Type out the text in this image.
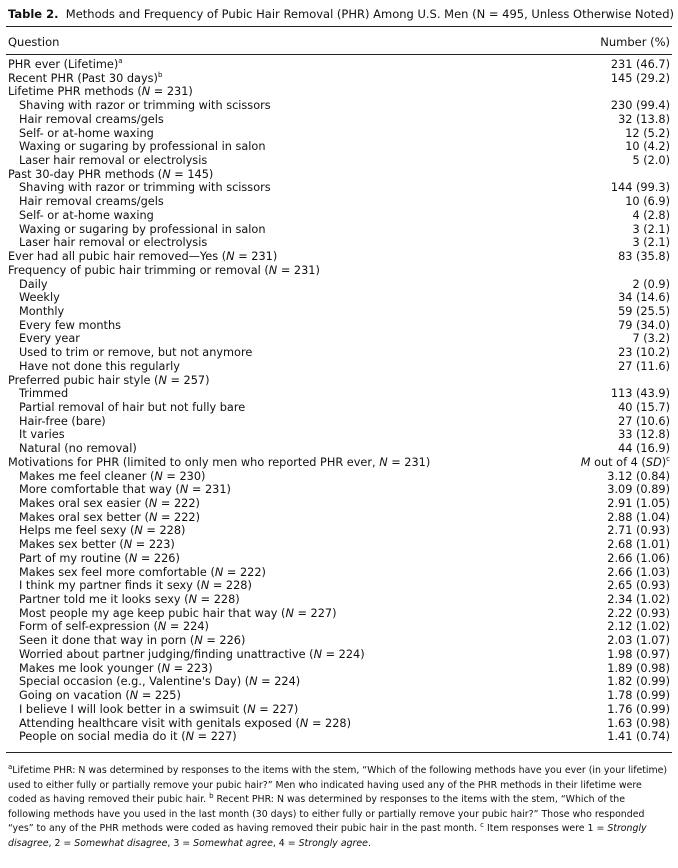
Table 2. Methods and Frequency of Pubic Hair Removal (PHR) Among U.S. Men (N = 495, Unless Otherwise Noted)
Question	Number (%)
PHR ever (Lifetime)$^a$	231 (46.7)
Recent PHR (Past 30 days)$^b$	145 (29.2)
Lifetime PHR methods (N = 231)
Shaving with razor or trimming with scissors	230 (99.4)
Hair removal creams/gels	32 (13.8)
Self- or at-home waxing	12 (5.2)
Waxing or sugaring by professional in salon	10 (4.2)
Laser hair removal or electrolysis	5 (2.0)
Past 30-day PHR methods (N = 145)
Shaving with razor or trimming with scissors	144 (99.3)
Hair removal creams/gels	10 (6.9)
Self- or at-home waxing	4 (2.8)
Waxing or sugaring by professional in salon	3 (2.1)
Laser hair removal or electrolysis	3 (2.1)
Ever had all pubic hair removed—Yes (N = 231)	83 (35.8)
Frequency of pubic hair trimming or removal (N = 231)
Daily	2 (0.9)
Weekly	34 (14.6)
Monthly	59 (25.5)
Every few months	79 (34.0)
Every year	7 (3.2)
Used to trim or remove, but not anymore	23 (10.2)
Have not done this regularly	27 (11.6)
Preferred pubic hair style (N = 257)
Trimmed	113 (43.9)
Partial removal of hair but not fully bare	40 (15.7)
Hair-free (bare)	27 (10.6)
It varies	33 (12.8)
Natural (no removal)	44 (16.9)
Motivations for PHR (limited to only men who reported PHR ever, N = 231)	M out of 4 (SD)$^c$
Makes me feel cleaner (N = 230)	3.12 (0.84)
More comfortable that way (N = 231)	3.09 (0.89)
Makes oral sex easier (N = 222)	2.91 (1.05)
Makes oral sex better (N = 222)	2.88 (1.04)
Helps me feel sexy (N = 228)	2.71 (0.93)
Makes sex better (N = 223)	2.68 (1.01)
Part of my routine (N = 226)	2.66 (1.06)
Makes sex feel more comfortable (N = 222)	2.66 (1.03)
I think my partner finds it sexy (N = 228)	2.65 (0.93)
Partner told me it looks sexy (N = 228)	2.34 (1.02)
Most people my age keep pubic hair that way (N = 227)	2.22 (0.93)
Form of self-expression (N = 224)	2.12 (1.02)
Seen it done that way in porn (N = 226)	2.03 (1.07)
Worried about partner judging/finding unattractive (N = 224)	1.98 (0.97)
Makes me look younger (N = 223)	1.89 (0.98)
Special occasion (e.g., Valentine's Day) (N = 224)	1.82 (0.99)
Going on vacation (N = 225)	1.78 (0.99)
I believe I will look better in a swimsuit (N = 227)	1.76 (0.99)
Attending healthcare visit with genitals exposed (N = 228)	1.63 (0.98)
People on social media do it (N = 227)	1.41 (0.74)

$^a$Lifetime PHR: N was determined by responses to the items with the stem, “Which of the following methods have you ever (in your lifetime) used to either fully or partially remove your pubic hair?” Men who indicated having used any of the PHR methods in their lifetime were coded as having removed their pubic hair. $^b$ Recent PHR: N was determined by responses to the items with the stem, “Which of the following methods have you used in the last month (30 days) to either fully or partially remove your pubic hair?” Those who responded “yes” to any of the PHR methods were coded as having removed their pubic hair in the past month. $^c$ Item responses were 1 = Strongly disagree, 2 = Somewhat disagree, 3 = Somewhat agree, 4 = Strongly agree.
